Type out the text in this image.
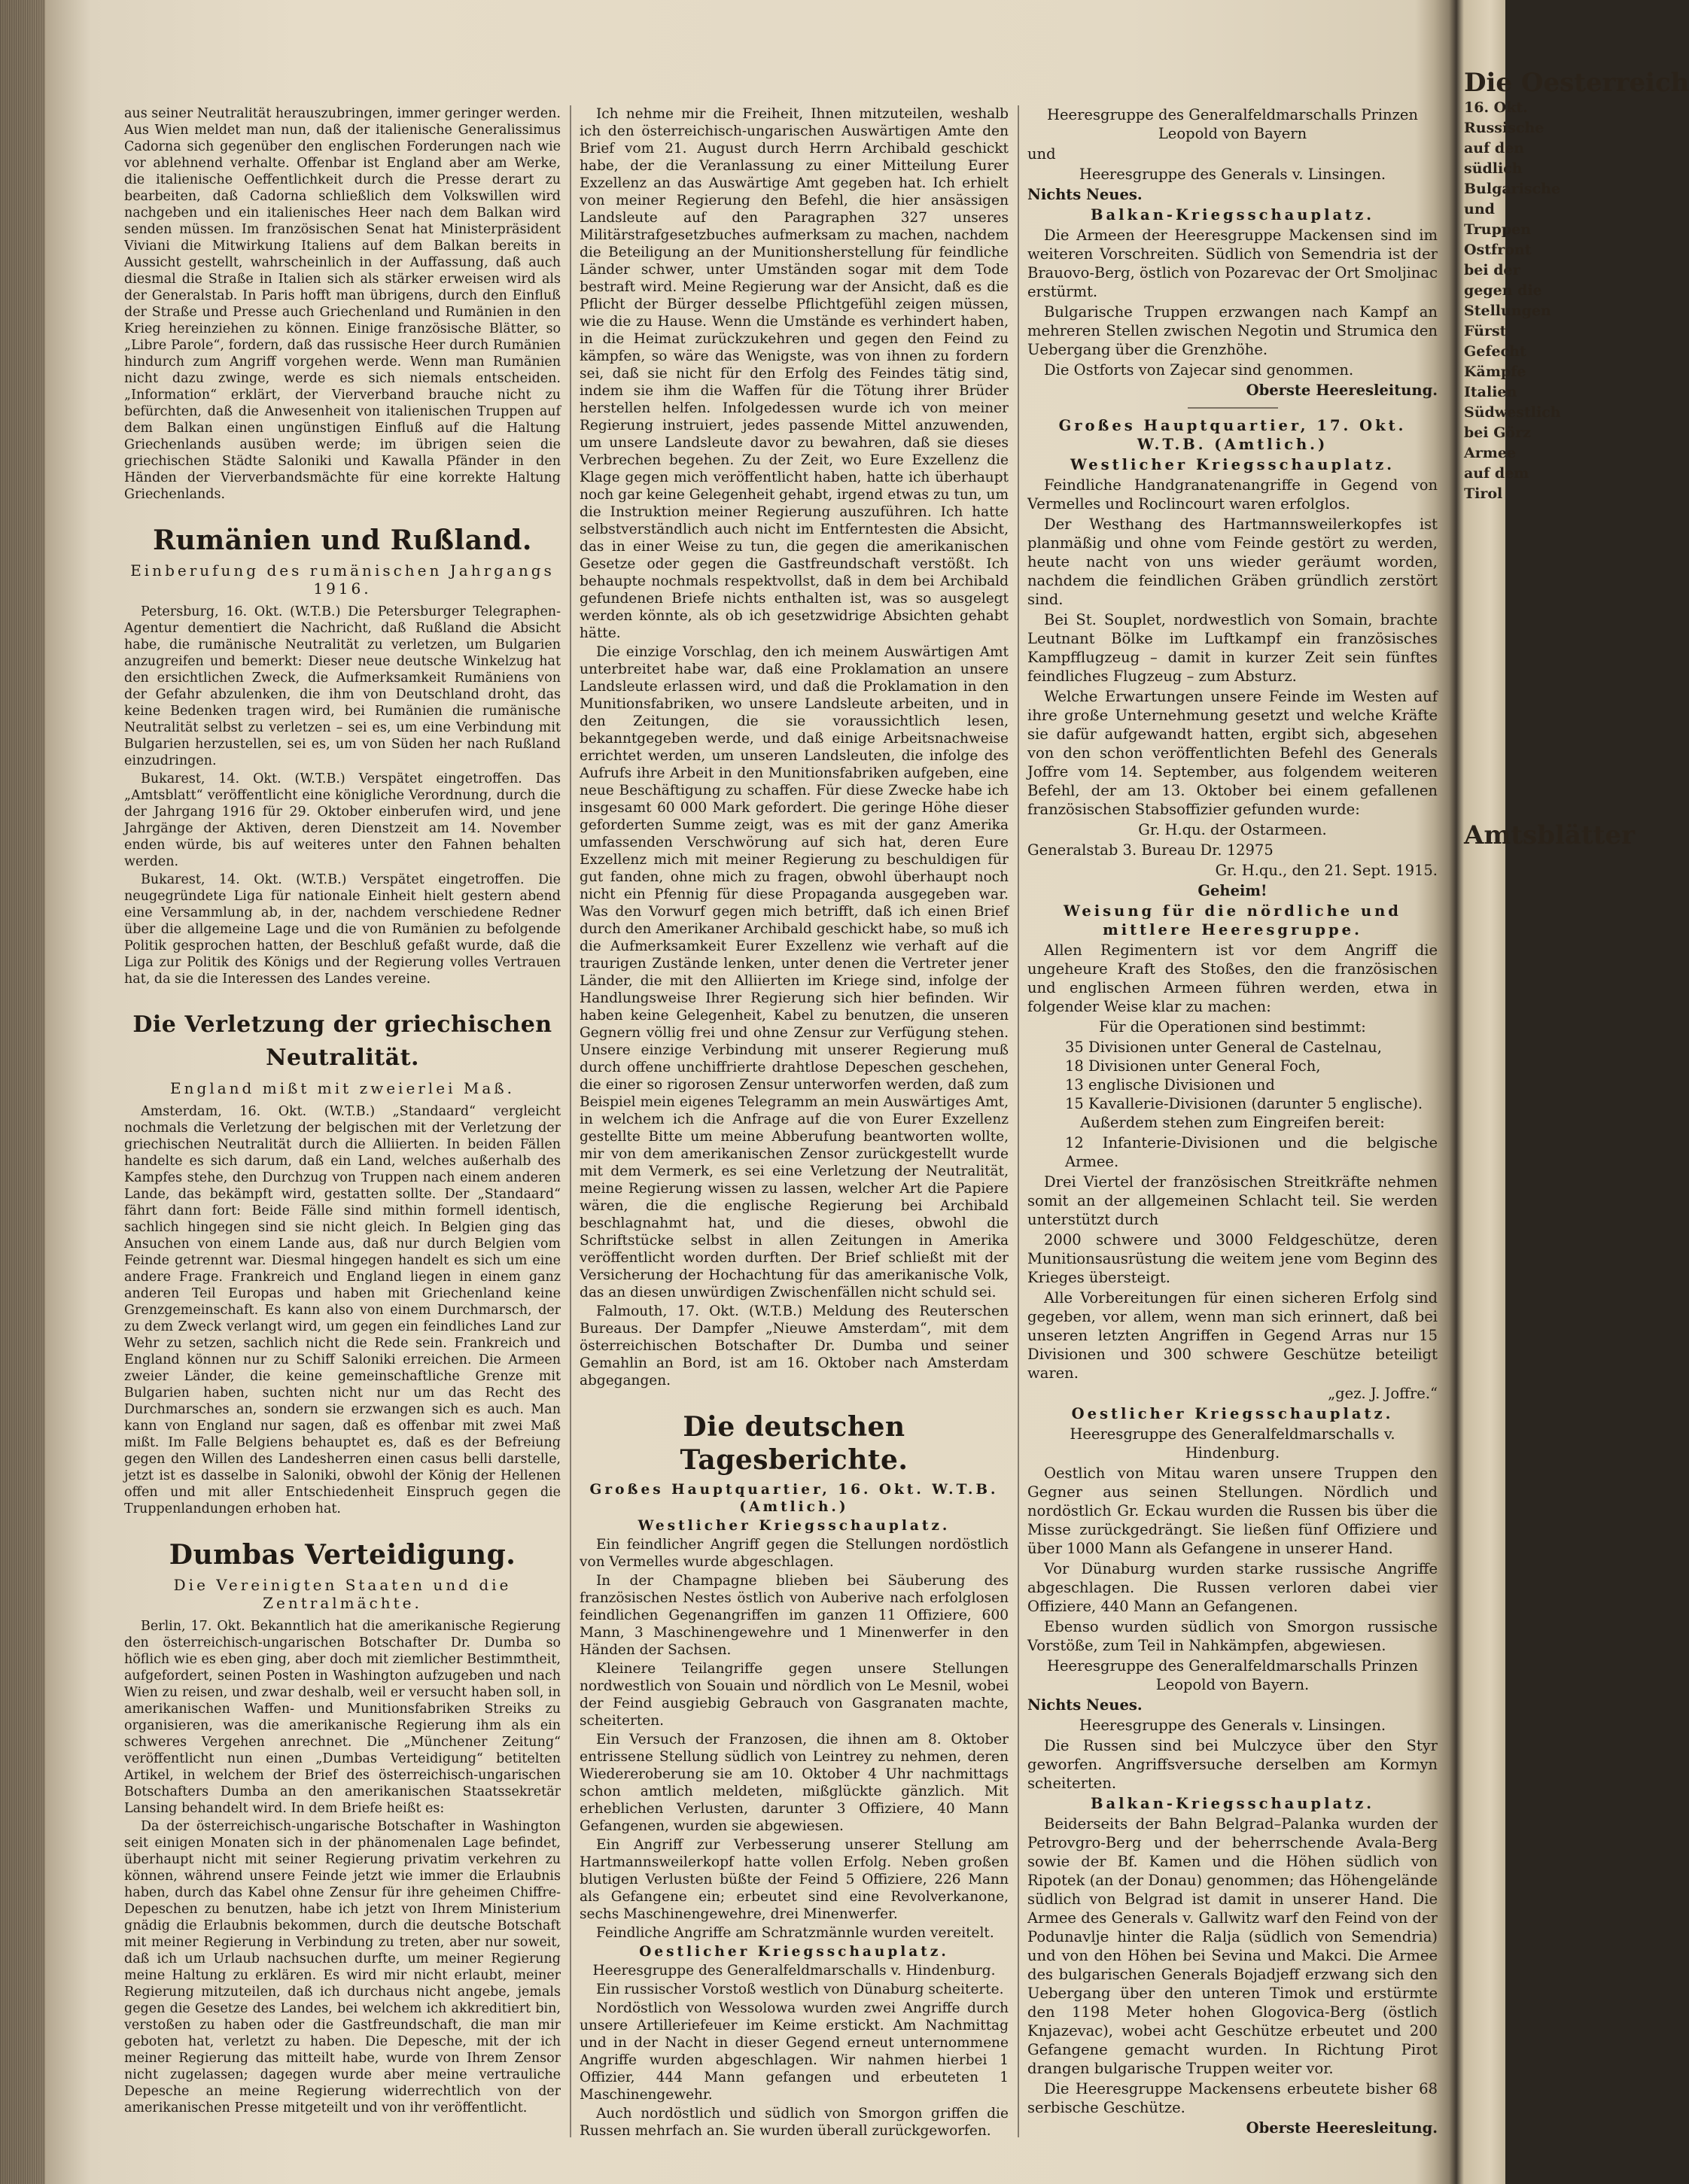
aus seiner Neutralität herauszubringen, immer geringer werden. Aus Wien meldet man nun, daß der italienische Generalissimus Cadorna sich gegenüber den englischen Forderungen nach wie vor ablehnend verhalte. Offenbar ist England aber am Werke, die italienische Oeffentlichkeit durch die Presse derart zu bearbeiten, daß Cadorna schließlich dem Volkswillen wird nachgeben und ein italienisches Heer nach dem Balkan wird senden müssen. Im französischen Senat hat Ministerpräsident Viviani die Mitwirkung Italiens auf dem Balkan bereits in Aussicht gestellt, wahrscheinlich in der Auffassung, daß auch diesmal die Straße in Italien sich als stärker erweisen wird als der Generalstab. In Paris hofft man übrigens, durch den Einfluß der Straße und Presse auch Griechenland und Rumänien in den Krieg hereinziehen zu können. Einige französische Blätter, so „Libre Parole“, fordern, daß das russische Heer durch Rumänien hindurch zum Angriff vorgehen werde. Wenn man Rumänien nicht dazu zwinge, werde es sich niemals entscheiden. „Information“ erklärt, der Vierverband brauche nicht zu befürchten, daß die Anwesenheit von italienischen Truppen auf dem Balkan einen ungünstigen Einfluß auf die Haltung Griechenlands ausüben werde; im übrigen seien die griechischen Städte Saloniki und Kawalla Pfänder in den Händen der Vierverbandsmächte für eine korrekte Haltung Griechenlands.

Rumänien und Rußland.
Einberufung des rumänischen Jahrgangs 1916.

Petersburg, 16. Okt. (W.T.B.) Die Petersburger Telegraphen-Agentur dementiert die Nachricht, daß Rußland die Absicht habe, die rumänische Neutralität zu verletzen, um Bulgarien anzugreifen und bemerkt: Dieser neue deutsche Winkelzug hat den ersichtlichen Zweck, die Aufmerksamkeit Rumäniens von der Gefahr abzulenken, die ihm von Deutschland droht, das keine Bedenken tragen wird, bei Rumänien die rumänische Neutralität selbst zu verletzen – sei es, um eine Verbindung mit Bulgarien herzustellen, sei es, um von Süden her nach Rußland einzudringen.

Bukarest, 14. Okt. (W.T.B.) Verspätet eingetroffen. Das „Amtsblatt“ veröffentlicht eine königliche Verordnung, durch die der Jahrgang 1916 für 29. Oktober einberufen wird, und jene Jahrgänge der Aktiven, deren Dienstzeit am 14. November enden würde, bis auf weiteres unter den Fahnen behalten werden.

Bukarest, 14. Okt. (W.T.B.) Verspätet eingetroffen. Die neugegründete Liga für nationale Einheit hielt gestern abend eine Versammlung ab, in der, nachdem verschiedene Redner über die allgemeine Lage und die von Rumänien zu befolgende Politik gesprochen hatten, der Beschluß gefaßt wurde, daß die Liga zur Politik des Königs und der Regierung volles Vertrauen hat, da sie die Interessen des Landes vereine.

Die Verletzung der griechischen Neutralität.
England mißt mit zweierlei Maß.

Amsterdam, 16. Okt. (W.T.B.) „Standaard“ vergleicht nochmals die Verletzung der belgischen mit der Verletzung der griechischen Neutralität durch die Alliierten. In beiden Fällen handelte es sich darum, daß ein Land, welches außerhalb des Kampfes stehe, den Durchzug von Truppen nach einem anderen Lande, das bekämpft wird, gestatten sollte. Der „Standaard“ fährt dann fort: Beide Fälle sind mithin formell identisch, sachlich hingegen sind sie nicht gleich. In Belgien ging das Ansuchen von einem Lande aus, daß nur durch Belgien vom Feinde getrennt war. Diesmal hingegen handelt es sich um eine andere Frage. Frankreich und England liegen in einem ganz anderen Teil Europas und haben mit Griechenland keine Grenzgemeinschaft. Es kann also von einem Durchmarsch, der zu dem Zweck verlangt wird, um gegen ein feindliches Land zur Wehr zu setzen, sachlich nicht die Rede sein. Frankreich und England können nur zu Schiff Saloniki erreichen. Die Armeen zweier Länder, die keine gemeinschaftliche Grenze mit Bulgarien haben, suchten nicht nur um das Recht des Durchmarsches an, sondern sie erzwangen sich es auch. Man kann von England nur sagen, daß es offenbar mit zwei Maß mißt. Im Falle Belgiens behauptet es, daß es der Befreiung gegen den Willen des Landesherren einen casus belli darstelle, jetzt ist es dasselbe in Saloniki, obwohl der König der Hellenen offen und mit aller Entschiedenheit Einspruch gegen die Truppenlandungen erhoben hat.

Dumbas Verteidigung.
Die Vereinigten Staaten und die Zentralmächte.

Berlin, 17. Okt. Bekanntlich hat die amerikanische Regierung den österreichisch-ungarischen Botschafter Dr. Dumba so höflich wie es eben ging, aber doch mit ziemlicher Bestimmtheit, aufgefordert, seinen Posten in Washington aufzugeben und nach Wien zu reisen, und zwar deshalb, weil er versucht haben soll, in amerikanischen Waffen- und Munitionsfabriken Streiks zu organisieren, was die amerikanische Regierung ihm als ein schweres Vergehen anrechnet. Die „Münchener Zeitung“ veröffentlicht nun einen „Dumbas Verteidigung“ betitelten Artikel, in welchem der Brief des österreichisch-ungarischen Botschafters Dumba an den amerikanischen Staatssekretär Lansing behandelt wird. In dem Briefe heißt es:

Da der österreichisch-ungarische Botschafter in Washington seit einigen Monaten sich in der phänomenalen Lage befindet, überhaupt nicht mit seiner Regierung privatim verkehren zu können, während unsere Feinde jetzt wie immer die Erlaubnis haben, durch das Kabel ohne Zensur für ihre geheimen Chiffre-Depeschen zu benutzen, habe ich jetzt von Ihrem Ministerium gnädig die Erlaubnis bekommen, durch die deutsche Botschaft mit meiner Regierung in Verbindung zu treten, aber nur soweit, daß ich um Urlaub nachsuchen durfte, um meiner Regierung meine Haltung zu erklären. Es wird mir nicht erlaubt, meiner Regierung mitzuteilen, daß ich durchaus nicht angebe, jemals gegen die Gesetze des Landes, bei welchem ich akkreditiert bin, verstoßen zu haben oder die Gastfreundschaft, die man mir geboten hat, verletzt zu haben. Die Depesche, mit der ich meiner Regierung das mitteilt habe, wurde von Ihrem Zensor nicht zugelassen; dagegen wurde aber meine vertrauliche Depesche an meine Regierung widerrechtlich von der amerikanischen Presse mitgeteilt und von ihr veröffentlicht.

Ich nehme mir die Freiheit, Ihnen mitzuteilen, weshalb ich den österreichisch-ungarischen Auswärtigen Amte den Brief vom 21. August durch Herrn Archibald geschickt habe, der die Veranlassung zu einer Mitteilung Eurer Exzellenz an das Auswärtige Amt gegeben hat. Ich erhielt von meiner Regierung den Befehl, die hier ansässigen Landsleute auf den Paragraphen 327 unseres Militärstrafgesetzbuches aufmerksam zu machen, nachdem die Beteiligung an der Munitionsherstellung für feindliche Länder schwer, unter Umständen sogar mit dem Tode bestraft wird. Meine Regierung war der Ansicht, daß es die Pflicht der Bürger desselbe Pflichtgefühl zeigen müssen, wie die zu Hause. Wenn die Umstände es verhindert haben, in die Heimat zurückzukehren und gegen den Feind zu kämpfen, so wäre das Wenigste, was von ihnen zu fordern sei, daß sie nicht für den Erfolg des Feindes tätig sind, indem sie ihm die Waffen für die Tötung ihrer Brüder herstellen helfen. Infolgedessen wurde ich von meiner Regierung instruiert, jedes passende Mittel anzuwenden, um unsere Landsleute davor zu bewahren, daß sie dieses Verbrechen begehen. Zu der Zeit, wo Eure Exzellenz die Klage gegen mich veröffentlicht haben, hatte ich überhaupt noch gar keine Gelegenheit gehabt, irgend etwas zu tun, um die Instruktion meiner Regierung auszuführen. Ich hatte selbstverständlich auch nicht im Entferntesten die Absicht, das in einer Weise zu tun, die gegen die amerikanischen Gesetze oder gegen die Gastfreundschaft verstößt. Ich behaupte nochmals respektvollst, daß in dem bei Archibald gefundenen Briefe nichts enthalten ist, was so ausgelegt werden könnte, als ob ich gesetzwidrige Absichten gehabt hätte.

Die einzige Vorschlag, den ich meinem Auswärtigen Amt unterbreitet habe war, daß eine Proklamation an unsere Landsleute erlassen wird, und daß die Proklamation in den Munitionsfabriken, wo unsere Landsleute arbeiten, und in den Zeitungen, die sie voraussichtlich lesen, bekanntgegeben werde, und daß einige Arbeitsnachweise errichtet werden, um unseren Landsleuten, die infolge des Aufrufs ihre Arbeit in den Munitionsfabriken aufgeben, eine neue Beschäftigung zu schaffen. Für diese Zwecke habe ich insgesamt 60 000 Mark gefordert. Die geringe Höhe dieser geforderten Summe zeigt, was es mit der ganz Amerika umfassenden Verschwörung auf sich hat, deren Eure Exzellenz mich mit meiner Regierung zu beschuldigen für gut fanden, ohne mich zu fragen, obwohl überhaupt noch nicht ein Pfennig für diese Propaganda ausgegeben war. Was den Vorwurf gegen mich betrifft, daß ich einen Brief durch den Amerikaner Archibald geschickt habe, so muß ich die Aufmerksamkeit Eurer Exzellenz wie verhaft auf die traurigen Zustände lenken, unter denen die Vertreter jener Länder, die mit den Alliierten im Kriege sind, infolge der Handlungsweise Ihrer Regierung sich hier befinden. Wir haben keine Gelegenheit, Kabel zu benutzen, die unseren Gegnern völlig frei und ohne Zensur zur Verfügung stehen. Unsere einzige Verbindung mit unserer Regierung muß durch offene unchiffrierte drahtlose Depeschen geschehen, die einer so rigorosen Zensur unterworfen werden, daß zum Beispiel mein eigenes Telegramm an mein Auswärtiges Amt, in welchem ich die Anfrage auf die von Eurer Exzellenz gestellte Bitte um meine Abberufung beantworten wollte, mir von dem amerikanischen Zensor zurückgestellt wurde mit dem Vermerk, es sei eine Verletzung der Neutralität, meine Regierung wissen zu lassen, welcher Art die Papiere wären, die die englische Regierung bei Archibald beschlagnahmt hat, und die dieses, obwohl die Schriftstücke selbst in allen Zeitungen in Amerika veröffentlicht worden durften. Der Brief schließt mit der Versicherung der Hochachtung für das amerikanische Volk, das an diesen unwürdigen Zwischenfällen nicht schuld sei.

Falmouth, 17. Okt. (W.T.B.) Meldung des Reuterschen Bureaus. Der Dampfer „Nieuwe Amsterdam“, mit dem österreichischen Botschafter Dr. Dumba und seiner Gemahlin an Bord, ist am 16. Oktober nach Amsterdam abgegangen.

Die deutschen Tagesberichte.

Großes Hauptquartier, 16. Okt. W.T.B. (Amtlich.)

Westlicher Kriegsschauplatz.

Ein feindlicher Angriff gegen die Stellungen nordöstlich von Vermelles wurde abgeschlagen.

In der Champagne blieben bei Säuberung des französischen Nestes östlich von Auberive nach erfolglosen feindlichen Gegenangriffen im ganzen 11 Offiziere, 600 Mann, 3 Maschinengewehre und 1 Minenwerfer in den Händen der Sachsen.

Kleinere Teilangriffe gegen unsere Stellungen nordwestlich von Souain und nördlich von Le Mesnil, wobei der Feind ausgiebig Gebrauch von Gasgranaten machte, scheiterten.

Ein Versuch der Franzosen, die ihnen am 8. Oktober entrissene Stellung südlich von Leintrey zu nehmen, deren Wiedereroberung sie am 10. Oktober 4 Uhr nachmittags schon amtlich meldeten, mißglückte gänzlich. Mit erheblichen Verlusten, darunter 3 Offiziere, 40 Mann Gefangenen, wurden sie abgewiesen.

Ein Angriff zur Verbesserung unserer Stellung am Hartmannsweilerkopf hatte vollen Erfolg. Neben großen blutigen Verlusten büßte der Feind 5 Offiziere, 226 Mann als Gefangene ein; erbeutet sind eine Revolverkanone, sechs Maschinengewehre, drei Minenwerfer.

Feindliche Angriffe am Schratzmännle wurden vereitelt.

Oestlicher Kriegsschauplatz.

Heeresgruppe des Generalfeldmarschalls v. Hindenburg.

Ein russischer Vorstoß westlich von Dünaburg scheiterte.

Nordöstlich von Wessolowa wurden zwei Angriffe durch unsere Artilleriefeuer im Keime erstickt. Am Nachmittag und in der Nacht in dieser Gegend erneut unternommene Angriffe wurden abgeschlagen. Wir nahmen hierbei 1 Offizier, 444 Mann gefangen und erbeuteten 1 Maschinengewehr.

Auch nordöstlich und südlich von Smorgon griffen die Russen mehrfach an. Sie wurden überall zurückgeworfen.

Heeresgruppe des Generalfeldmarschalls Prinzen Leopold von Bayern

und

Heeresgruppe des Generals v. Linsingen.

Nichts Neues.

Balkan-Kriegsschauplatz.

Die Armeen der Heeresgruppe Mackensen sind im weiteren Vorschreiten. Südlich von Semendria ist der Brauovo-Berg, östlich von Pozarevac der Ort Smoljinac erstürmt.

Bulgarische Truppen erzwangen nach Kampf an mehreren Stellen zwischen Negotin und Strumica den Uebergang über die Grenzhöhe.

Die Ostforts von Zajecar sind genommen.

Oberste Heeresleitung.

Großes Hauptquartier, 17. Okt. W.T.B. (Amtlich.)

Westlicher Kriegsschauplatz.

Feindliche Handgranatenangriffe in Gegend von Vermelles und Roclincourt waren erfolglos.

Der Westhang des Hartmannsweilerkopfes ist planmäßig und ohne vom Feinde gestört zu werden, heute nacht von uns wieder geräumt worden, nachdem die feindlichen Gräben gründlich zerstört sind.

Bei St. Souplet, nordwestlich von Somain, brachte Leutnant Bölke im Luftkampf ein französisches Kampfflugzeug – damit in kurzer Zeit sein fünftes feindliches Flugzeug – zum Absturz.

Welche Erwartungen unsere Feinde im Westen auf ihre große Unternehmung gesetzt und welche Kräfte sie dafür aufgewandt hatten, ergibt sich, abgesehen von den schon veröffentlichten Befehl des Generals Joffre vom 14. September, aus folgendem weiteren Befehl, der am 13. Oktober bei einem gefallenen französischen Stabsoffizier gefunden wurde:

Gr. H.qu. der Ostarmeen.

Generalstab 3. Bureau Dr. 12975

Gr. H.qu., den 21. Sept. 1915.

Geheim!

Weisung für die nördliche und mittlere Heeresgruppe.

Allen Regimentern ist vor dem Angriff die ungeheure Kraft des Stoßes, den die französischen und englischen Armeen führen werden, etwa in folgender Weise klar zu machen:

Für die Operationen sind bestimmt:

35 Divisionen unter General de Castelnau,
18 Divisionen unter General Foch,
13 englische Divisionen und
15 Kavallerie-Divisionen (darunter 5 englische).

Außerdem stehen zum Eingreifen bereit:

12 Infanterie-Divisionen und die belgische Armee.

Drei Viertel der französischen Streitkräfte nehmen somit an der allgemeinen Schlacht teil. Sie werden unterstützt durch

2000 schwere und 3000 Feldgeschütze, deren Munitionsausrüstung die weitem jene vom Beginn des Krieges übersteigt.

Alle Vorbereitungen für einen sicheren Erfolg sind gegeben, vor allem, wenn man sich erinnert, daß bei unseren letzten Angriffen in Gegend Arras nur 15 Divisionen und 300 schwere Geschütze beteiligt waren.

„gez. J. Joffre.“

Oestlicher Kriegsschauplatz.

Heeresgruppe des Generalfeldmarschalls v. Hindenburg.

Oestlich von Mitau waren unsere Truppen den Gegner aus seinen Stellungen. Nördlich und nordöstlich Gr. Eckau wurden die Russen bis über die Misse zurückgedrängt. Sie ließen fünf Offiziere und über 1000 Mann als Gefangene in unserer Hand.

Vor Dünaburg wurden starke russische Angriffe abgeschlagen. Die Russen verloren dabei vier Offiziere, 440 Mann an Gefangenen.

Ebenso wurden südlich von Smorgon russische Vorstöße, zum Teil in Nahkämpfen, abgewiesen.

Heeresgruppe des Generalfeldmarschalls Prinzen Leopold von Bayern.

Nichts Neues.

Heeresgruppe des Generals v. Linsingen.

Die Russen sind bei Mulczyce über den Styr geworfen. Angriffsversuche derselben am Kormyn scheiterten.

Balkan-Kriegsschauplatz.

Beiderseits der Bahn Belgrad–Palanka wurden der Petrovgro-Berg und der beherrschende Avala-Berg sowie der Bf. Kamen und die Höhen südlich von Ripotek (an der Donau) genommen; das Höhengelände südlich von Belgrad ist damit in unserer Hand. Die Armee des Generals v. Gallwitz warf den Feind von der Podunavlje hinter die Ralja (südlich von Semendria) und von den Höhen bei Sevina und Makci. Die Armee des bulgarischen Generals Bojadjeff erzwang sich den Uebergang über den unteren Timok und erstürmte den 1198 Meter hohen Glogovica-Berg (östlich Knjazevac), wobei acht Geschütze erbeutet und 200 Gefangene gemacht wurden. In Richtung Pirot drangen bulgarische Truppen weiter vor.

Die Heeresgruppe Mackensens erbeutete bisher 68 serbische Geschütze.

Oberste Heeresleitung.

Die Oesterreich
16. Okt.
Russische
auf den
südlich
Bulgarische
und
Truppen
Ostfront
bei der
gegen die
Stellungen
Fürst
Gefecht
Kämpfe
Italien
Südwestlich
bei Görz
Armee
auf dem
Tirol
Amtsblätter
